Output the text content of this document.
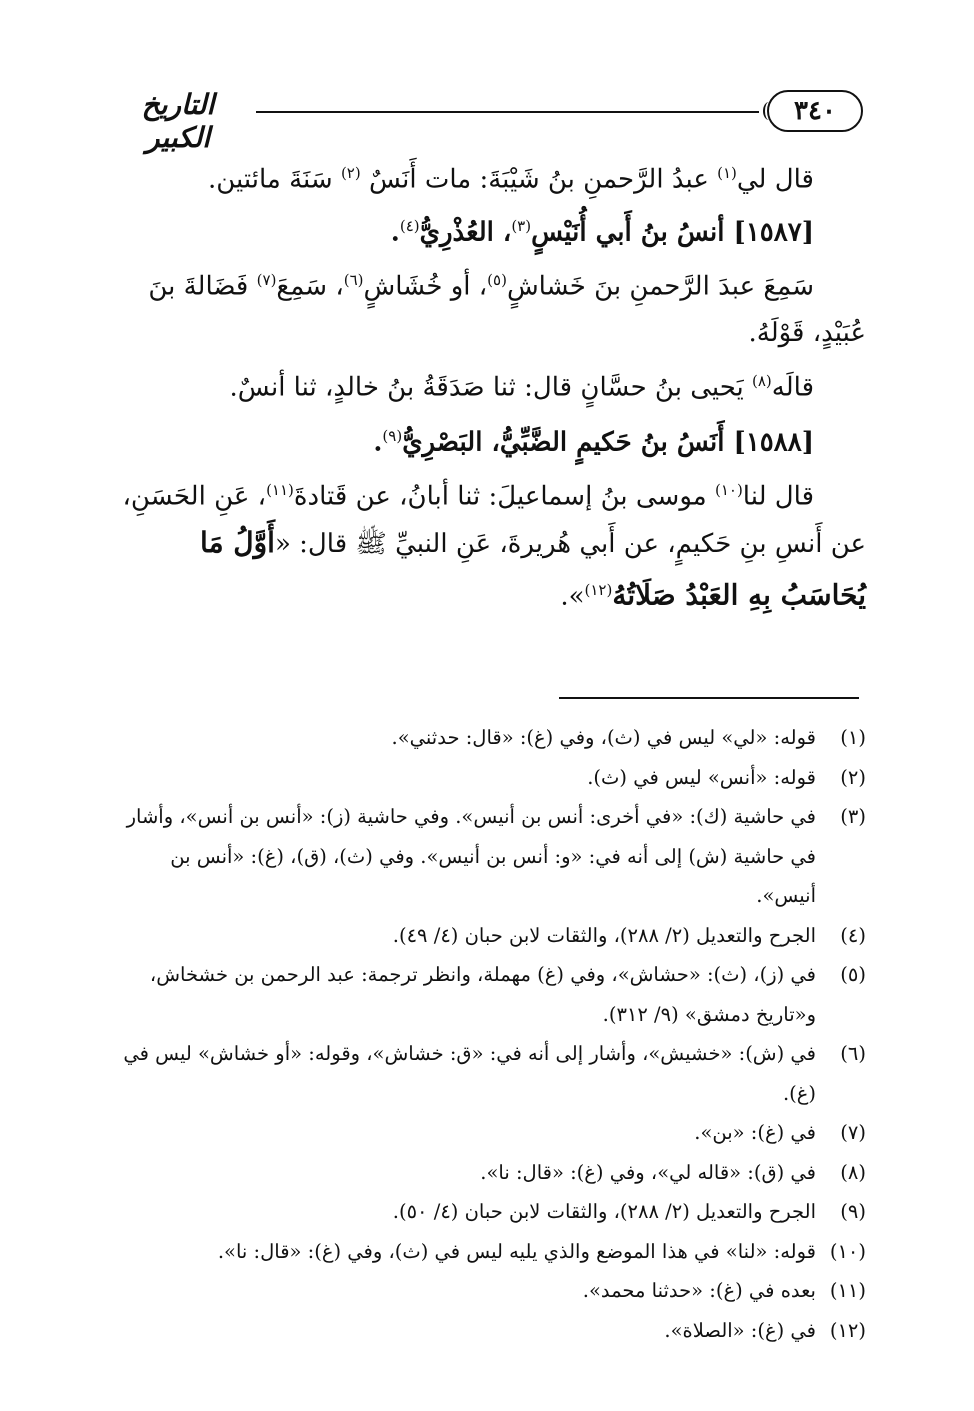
٣٤٠
التاريخ الكبير

قال لي$^{(١)}$ عبدُ الرَّحمنِ بنُ شَيْبَةَ: مات أَنَسٌ $^{(٢)}$ سَنَةَ مائتين.

[١٥٨٧] أنسُ بنُ أَبي أُنَيْسٍ$^{(٣)}$، العُذْرِيُّ$^{(٤)}$.

سَمِعَ عبدَ الرَّحمنِ بنَ خَشاشٍ$^{(٥)}$، أو خُشَاشٍ$^{(٦)}$، سَمِعَ$^{(٧)}$ فَضَالةَ بنَ عُبَيْدٍ، قَوْلَهُ.

قالَه$^{(٨)}$ يَحيى بنُ حسَّانٍ قال: ثنا صَدَقَةُ بنُ خالدٍ، ثنا أنسٌ.

[١٥٨٨] أَنَسُ بنُ حَكيمٍ الضَّبِّيُّ، البَصْرِيُّ$^{(٩)}$.

قال لنا$^{(١٠)}$ موسى بنُ إسماعيلَ: ثنا أبانُ، عن قَتادةَ$^{(١١)}$، عَنِ الحَسَنِ، عن أَنسِ بنِ حَكيمٍ، عن أَبي هُريرةَ، عَنِ النبيِّ ﷺ قال: «أَوَّلُ مَا يُحَاسَبُ بِهِ العَبْدُ صَلَاتُهُ$^{(١٢)}$».

(١)
قوله: «لي» ليس في (ث)، وفي (غ): «قال: حدثني».
(٢)
قوله: «أنس» ليس في (ث).
(٣)
في حاشية (ك): «في أخرى: أنس بن أنيس». وفي حاشية (ز): «أنس بن أنس»، وأشار في حاشية (ش) إلى أنه في: «و: أنس بن أنيس». وفي (ث)، (ق)، (غ): «أنس بن أنيس».
(٤)
الجرح والتعديل (٢/ ٢٨٨)، والثقات لابن حبان (٤/ ٤٩).
(٥)
في (ز)، (ث): «حشاش»، وفي (غ) مهملة، وانظر ترجمة: عبد الرحمن بن خشخاش، و«تاريخ دمشق» (٩/ ٣١٢).
(٦)
في (ش): «خشيش»، وأشار إلى أنه في: «ق: خشاش»، وقوله: «أو خشاش» ليس في (غ).
(٧)
في (غ): «بن».
(٨)
في (ق): «قاله لي»، وفي (غ): «قال: نا».
(٩)
الجرح والتعديل (٢/ ٢٨٨)، والثقات لابن حبان (٤/ ٥٠).
(١٠)
قوله: «لنا» في هذا الموضع والذي يليه ليس في (ث)، وفي (غ): «قال: نا».
(١١)
بعده في (غ): «حدثنا محمد».
(١٢)
في (غ): «الصلاة».
